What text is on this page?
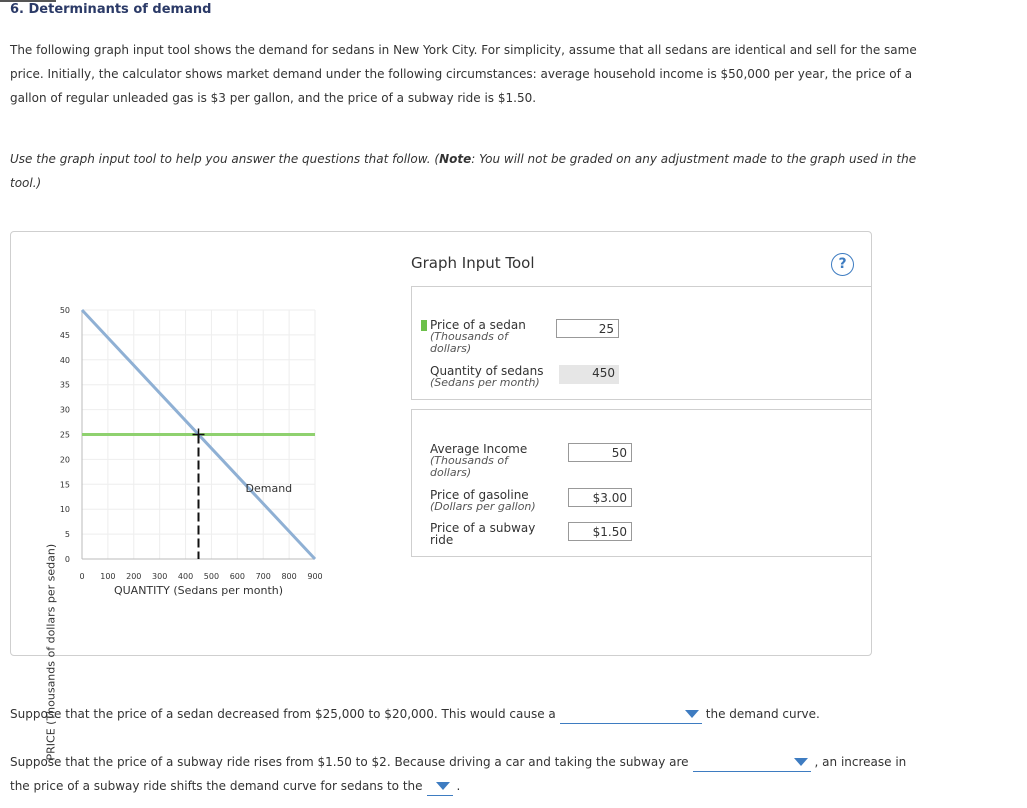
6. Determinants of demand
The following graph input tool shows the demand for sedans in New York City. For simplicity, assume that all sedans are identical and sell for the same
price. Initially, the calculator shows market demand under the following circumstances: average household income is $50,000 per year, the price of a
gallon of regular unleaded gas is $3 per gallon, and the price of a subway ride is $1.50.
Use the graph input tool to help you answer the questions that follow. (Note: You will not be graded on any adjustment made to the graph used in the tool.)
0
5
10
15
20
25
30
35
40
45
50
0 100 200 300 400 500 600 700 800 900
QUANTITY (Sedans per month)
Demand
PRICE (Thousands of dollars per sedan)
Graph Input Tool	?
Price of a sedan
(Thousands of dollars)
25
Quantity of sedans
(Sedans per month)
450
Average Income
(Thousands of dollars)
50
Price of gasoline
(Dollars per gallon)
$3.00
Price of a subway ride
$1.50
Suppose that the price of a sedan decreased from $25,000 to $20,000. This would cause a	the demand curve.
Suppose that the price of a subway ride rises from $1.50 to $2. Because driving a car and taking the subway are	, an increase in
the price of a subway ride shifts the demand curve for sedans to the	.
